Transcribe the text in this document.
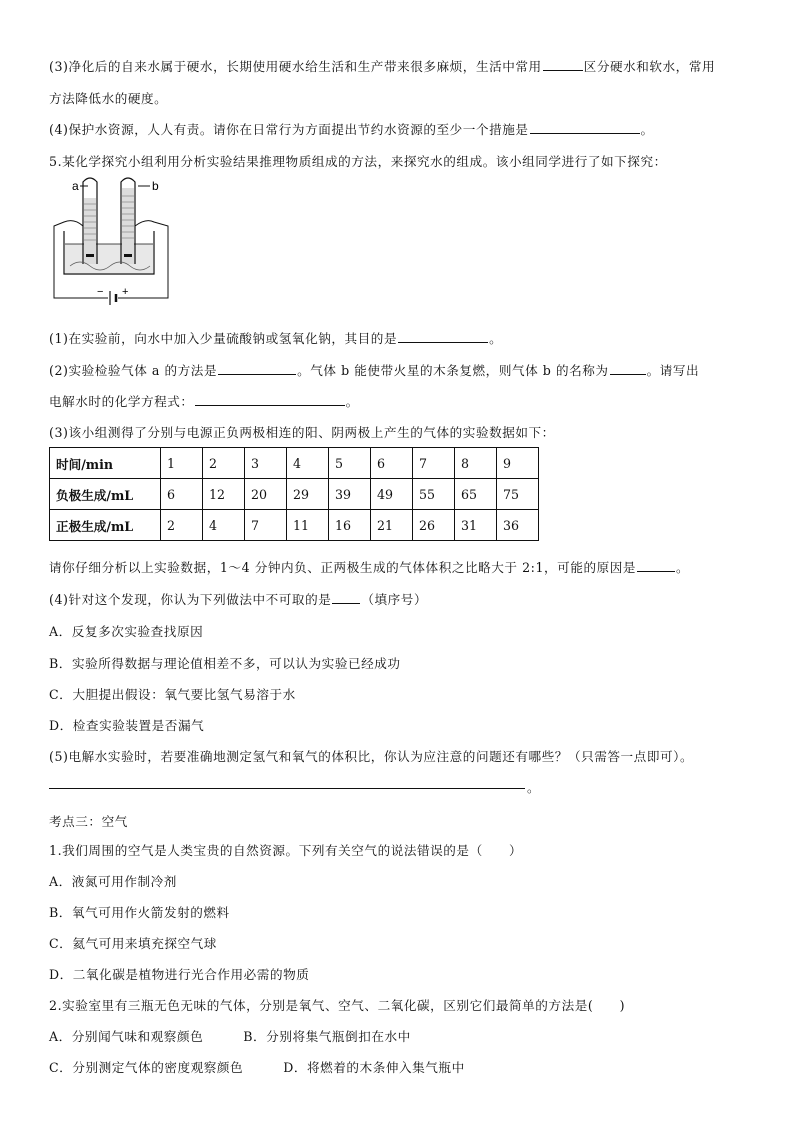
(3)净化后的自来水属于硬水，长期使用硬水给生活和生产带来很多麻烦，生活中常用	区分硬水和软水，常用
方法降低水的硬度。
(4)保护水资源，人人有责。请你在日常行为方面提出节约水资源的至少一个措施是	。
5.某化学探究小组利用分析实验结果推理物质组成的方法，来探究水的组成。该小组同学进行了如下探究：
a	b
− +
(1)在实验前，向水中加入少量硫酸钠或氢氧化钠，其目的是	。
(2)实验检验气体 a 的方法是	。气体 b 能使带火星的木条复燃，则气体 b 的名称为	。请写出
电解水时的化学方程式：	。
(3)该小组测得了分别与电源正负两极相连的阳、阴两极上产生的气体的实验数据如下：
时间/min	1	2	3	4	5	6	7	8	9
负极生成/mL	6	12	20	29	39	49	55	65	75
正极生成/mL	2	4	7	11	16	21	26	31	36
请你仔细分析以上实验数据，1～4 分钟内负、正两极生成的气体体积之比略大于 2:1，可能的原因是	。
(4)针对这个发现，你认为下列做法中不可取的是 （填序号）
A．反复多次实验查找原因
B．实验所得数据与理论值相差不多，可以认为实验已经成功
C．大胆提出假设：氧气要比氢气易溶于水
D．检查实验装置是否漏气
(5)电解水实验时，若要准确地测定氢气和氧气的体积比，你认为应注意的问题还有哪些？（只需答一点即可）。
。
考点三：空气
1.我们周围的空气是人类宝贵的自然资源。下列有关空气的说法错误的是（　　）
A．液氮可用作制冷剂
B．氧气可用作火箭发射的燃料
C．氦气可用来填充探空气球
D．二氧化碳是植物进行光合作用必需的物质
2.实验室里有三瓶无色无味的气体，分别是氧气、空气、二氧化碳，区别它们最简单的方法是(　　)
A．分别闻气味和观察颜色	B．分别将集气瓶倒扣在水中
C．分别测定气体的密度观察颜色	D．将燃着的木条伸入集气瓶中
